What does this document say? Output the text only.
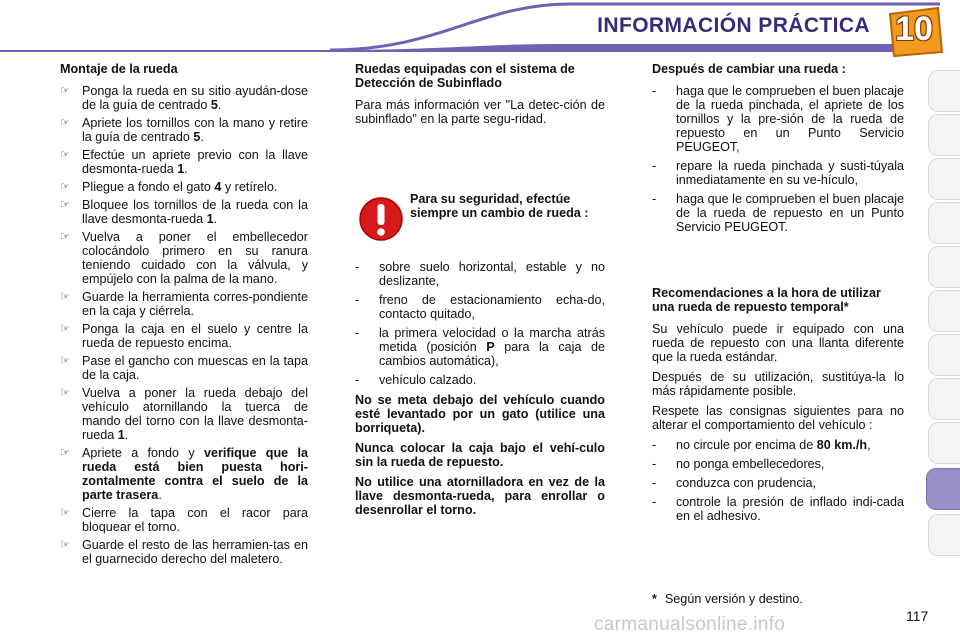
INFORMACIÓN PRÁCTICA 10
Montaje de la rueda
☞ Ponga la rueda en su sitio ayudán-dose de la guía de centrado 5.
☞ Apriete los tornillos con la mano y retire la guía de centrado 5.
☞ Efectúe un apriete previo con la llave desmonta-rueda 1.
☞ Pliegue a fondo el gato 4 y retírelo.
☞ Bloquee los tornillos de la rueda con la llave desmonta-rueda 1.
☞ Vuelva a poner el embellecedor colocándolo primero en su ranura teniendo cuidado con la válvula, y empújelo con la palma de la mano.
☞ Guarde la herramienta corres-pondiente en la caja y ciérrela.
☞ Ponga la caja en el suelo y centre la rueda de repuesto encima.
☞ Pase el gancho con muescas en la tapa de la caja.
☞ Vuelva a poner la rueda debajo del vehículo atornillando la tuerca de mando del torno con la llave desmonta-rueda 1.
☞ Apriete a fondo y verifique que la rueda está bien puesta hori-zontalmente contra el suelo de la parte trasera.
☞ Cierre la tapa con el racor para bloquear el torno.
☞ Guarde el resto de las herramien-tas en el guarnecido derecho del maletero.
Ruedas equipadas con el sistema de Detección de Subinflado

Para más información ver "La detec-ción de subinflado" en la parte segu-ridad.

Para su seguridad, efectúe siempre un cambio de rueda :
- sobre suelo horizontal, estable y no deslizante,
- freno de estacionamiento echa-do, contacto quitado,
- la primera velocidad o la marcha atrás metida (posición P para la caja de cambios automática),
- vehículo calzado.

No se meta debajo del vehículo cuando esté levantado por un gato (utilice una borriqueta).

Nunca colocar la caja bajo el vehí-culo sin la rueda de repuesto.

No utilice una atornilladora en vez de la llave desmonta-rueda, para enrollar o desenrollar el torno.

Después de cambiar una rueda :
- haga que le comprueben el buen placaje de la rueda pinchada, el apriete de los tornillos y la pre-sión de la rueda de repuesto en un Punto Servicio PEUGEOT,
- repare la rueda pinchada y susti-túyala inmediatamente en su ve-hículo,
- haga que le comprueben el buen placaje de la rueda de repuesto en un Punto Servicio PEUGEOT.
Recomendaciones a la hora de utilizar una rueda de repuesto temporal*

Su vehículo puede ir equipado con una rueda de repuesto con una llanta diferente que la rueda estándar.

Después de su utilización, sustitúya-la lo más rápidamente posible.

Respete las consignas siguientes para no alterar el comportamiento del vehículo :

- no circule por encima de 80 km./h,
- no ponga embellecedores,
- conduzca con prudencia,
- controle la presión de inflado indi-cada en el adhesivo.
* Según versión y destino.
carmanualsonline.info	117
